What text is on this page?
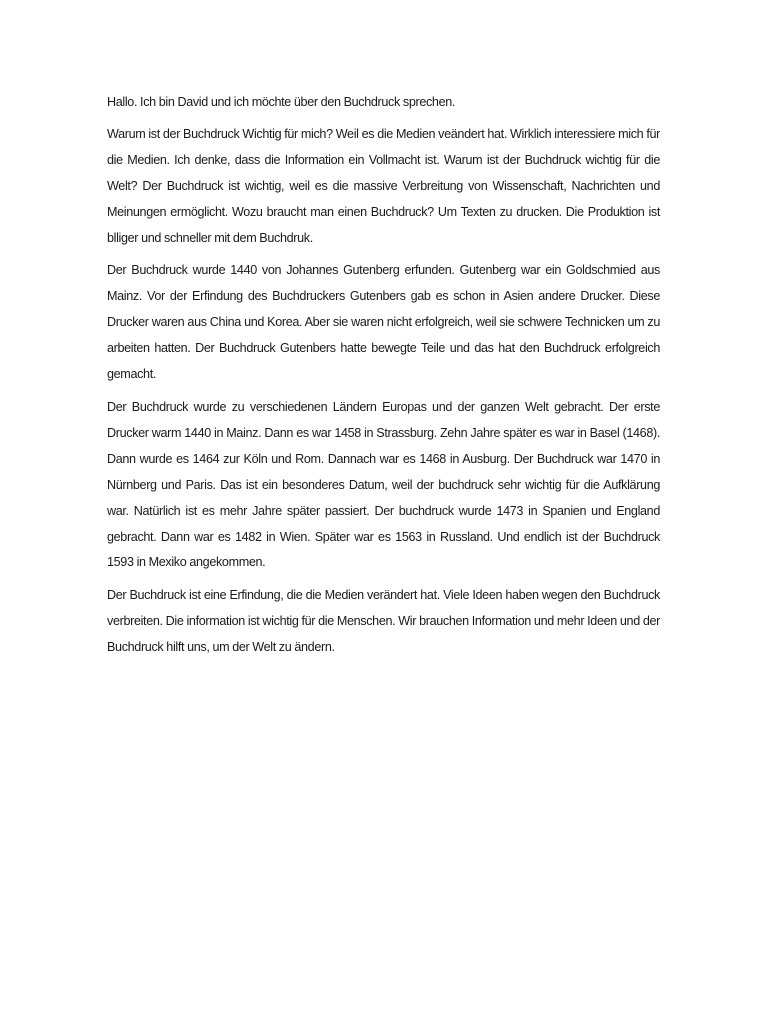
Hallo. Ich bin David und ich möchte über den Buchdruck sprechen.

Warum ist der Buchdruck Wichtig für mich? Weil es die Medien veändert hat. Wirklich interessiere mich für die Medien. Ich denke, dass die Information ein Vollmacht ist. Warum ist der Buchdruck wichtig für die Welt? Der Buchdruck ist wichtig, weil es die massive Verbreitung von Wissenschaft, Nachrichten und Meinungen ermöglicht. Wozu braucht man einen Buchdruck? Um Texten zu drucken. Die Produktion ist blliger und schneller mit dem Buchdruk.

Der Buchdruck wurde 1440 von Johannes Gutenberg erfunden. Gutenberg war ein Goldschmied aus Mainz. Vor der Erfindung des Buchdruckers Gutenbers gab es schon in Asien andere Drucker. Diese Drucker waren aus China und Korea. Aber sie waren nicht erfolgreich, weil sie schwere Technicken um zu arbeiten hatten. Der Buchdruck Gutenbers hatte bewegte Teile und das hat den Buchdruck erfolgreich gemacht.

Der Buchdruck wurde zu verschiedenen Ländern Europas und der ganzen Welt gebracht. Der erste Drucker warm 1440 in Mainz. Dann es war 1458 in Strassburg. Zehn Jahre später es war in Basel (1468). Dann wurde es 1464 zur Köln und Rom. Dannach war es 1468 in Ausburg. Der Buchdruck war 1470 in Nürnberg und Paris. Das ist ein besonderes Datum, weil der buchdruck sehr wichtig für die Aufklärung war. Natürlich ist es mehr Jahre später passiert. Der buchdruck wurde 1473 in Spanien und England gebracht. Dann war es 1482 in Wien. Später war es 1563 in Russland. Und endlich ist der Buchdruck 1593 in Mexiko angekommen.

Der Buchdruck ist eine Erfindung, die die Medien verändert hat. Viele Ideen haben wegen den Buchdruck verbreiten. Die information ist wichtig für die Menschen. Wir brauchen Information und mehr Ideen und der Buchdruck hilft uns, um der Welt zu ändern.
